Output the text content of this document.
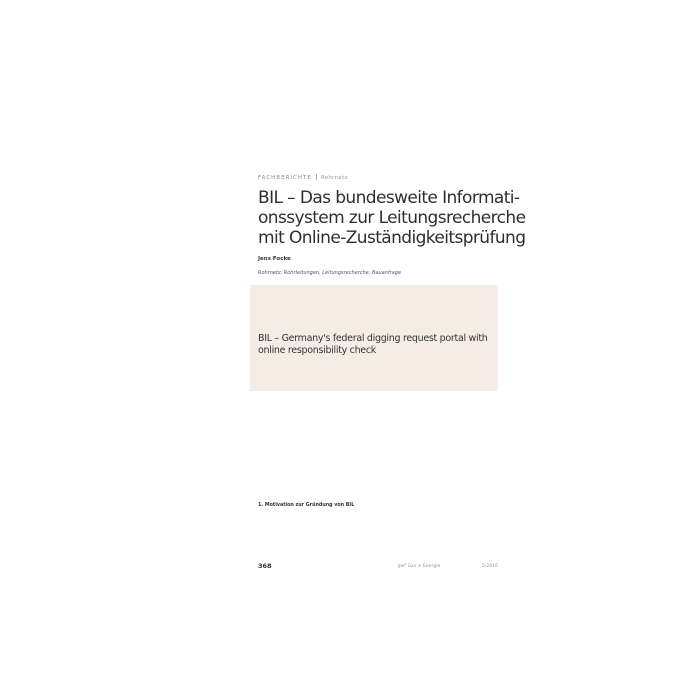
FACHBERICHTE Rohrnetz
BIL – Das bundesweite Informati-
onssystem zur Leitungsrecherche
mit Online-Zuständigkeitsprüfung
Jens Focke
Rohrnetz, Rohrleitungen, Leitungsrecherche, Bauanfrage
BIL – Germany's federal digging request portal with
online responsibility check
1. Motivation zur Gründung von BIL
368	gwf Gas + Energie	5/2016
